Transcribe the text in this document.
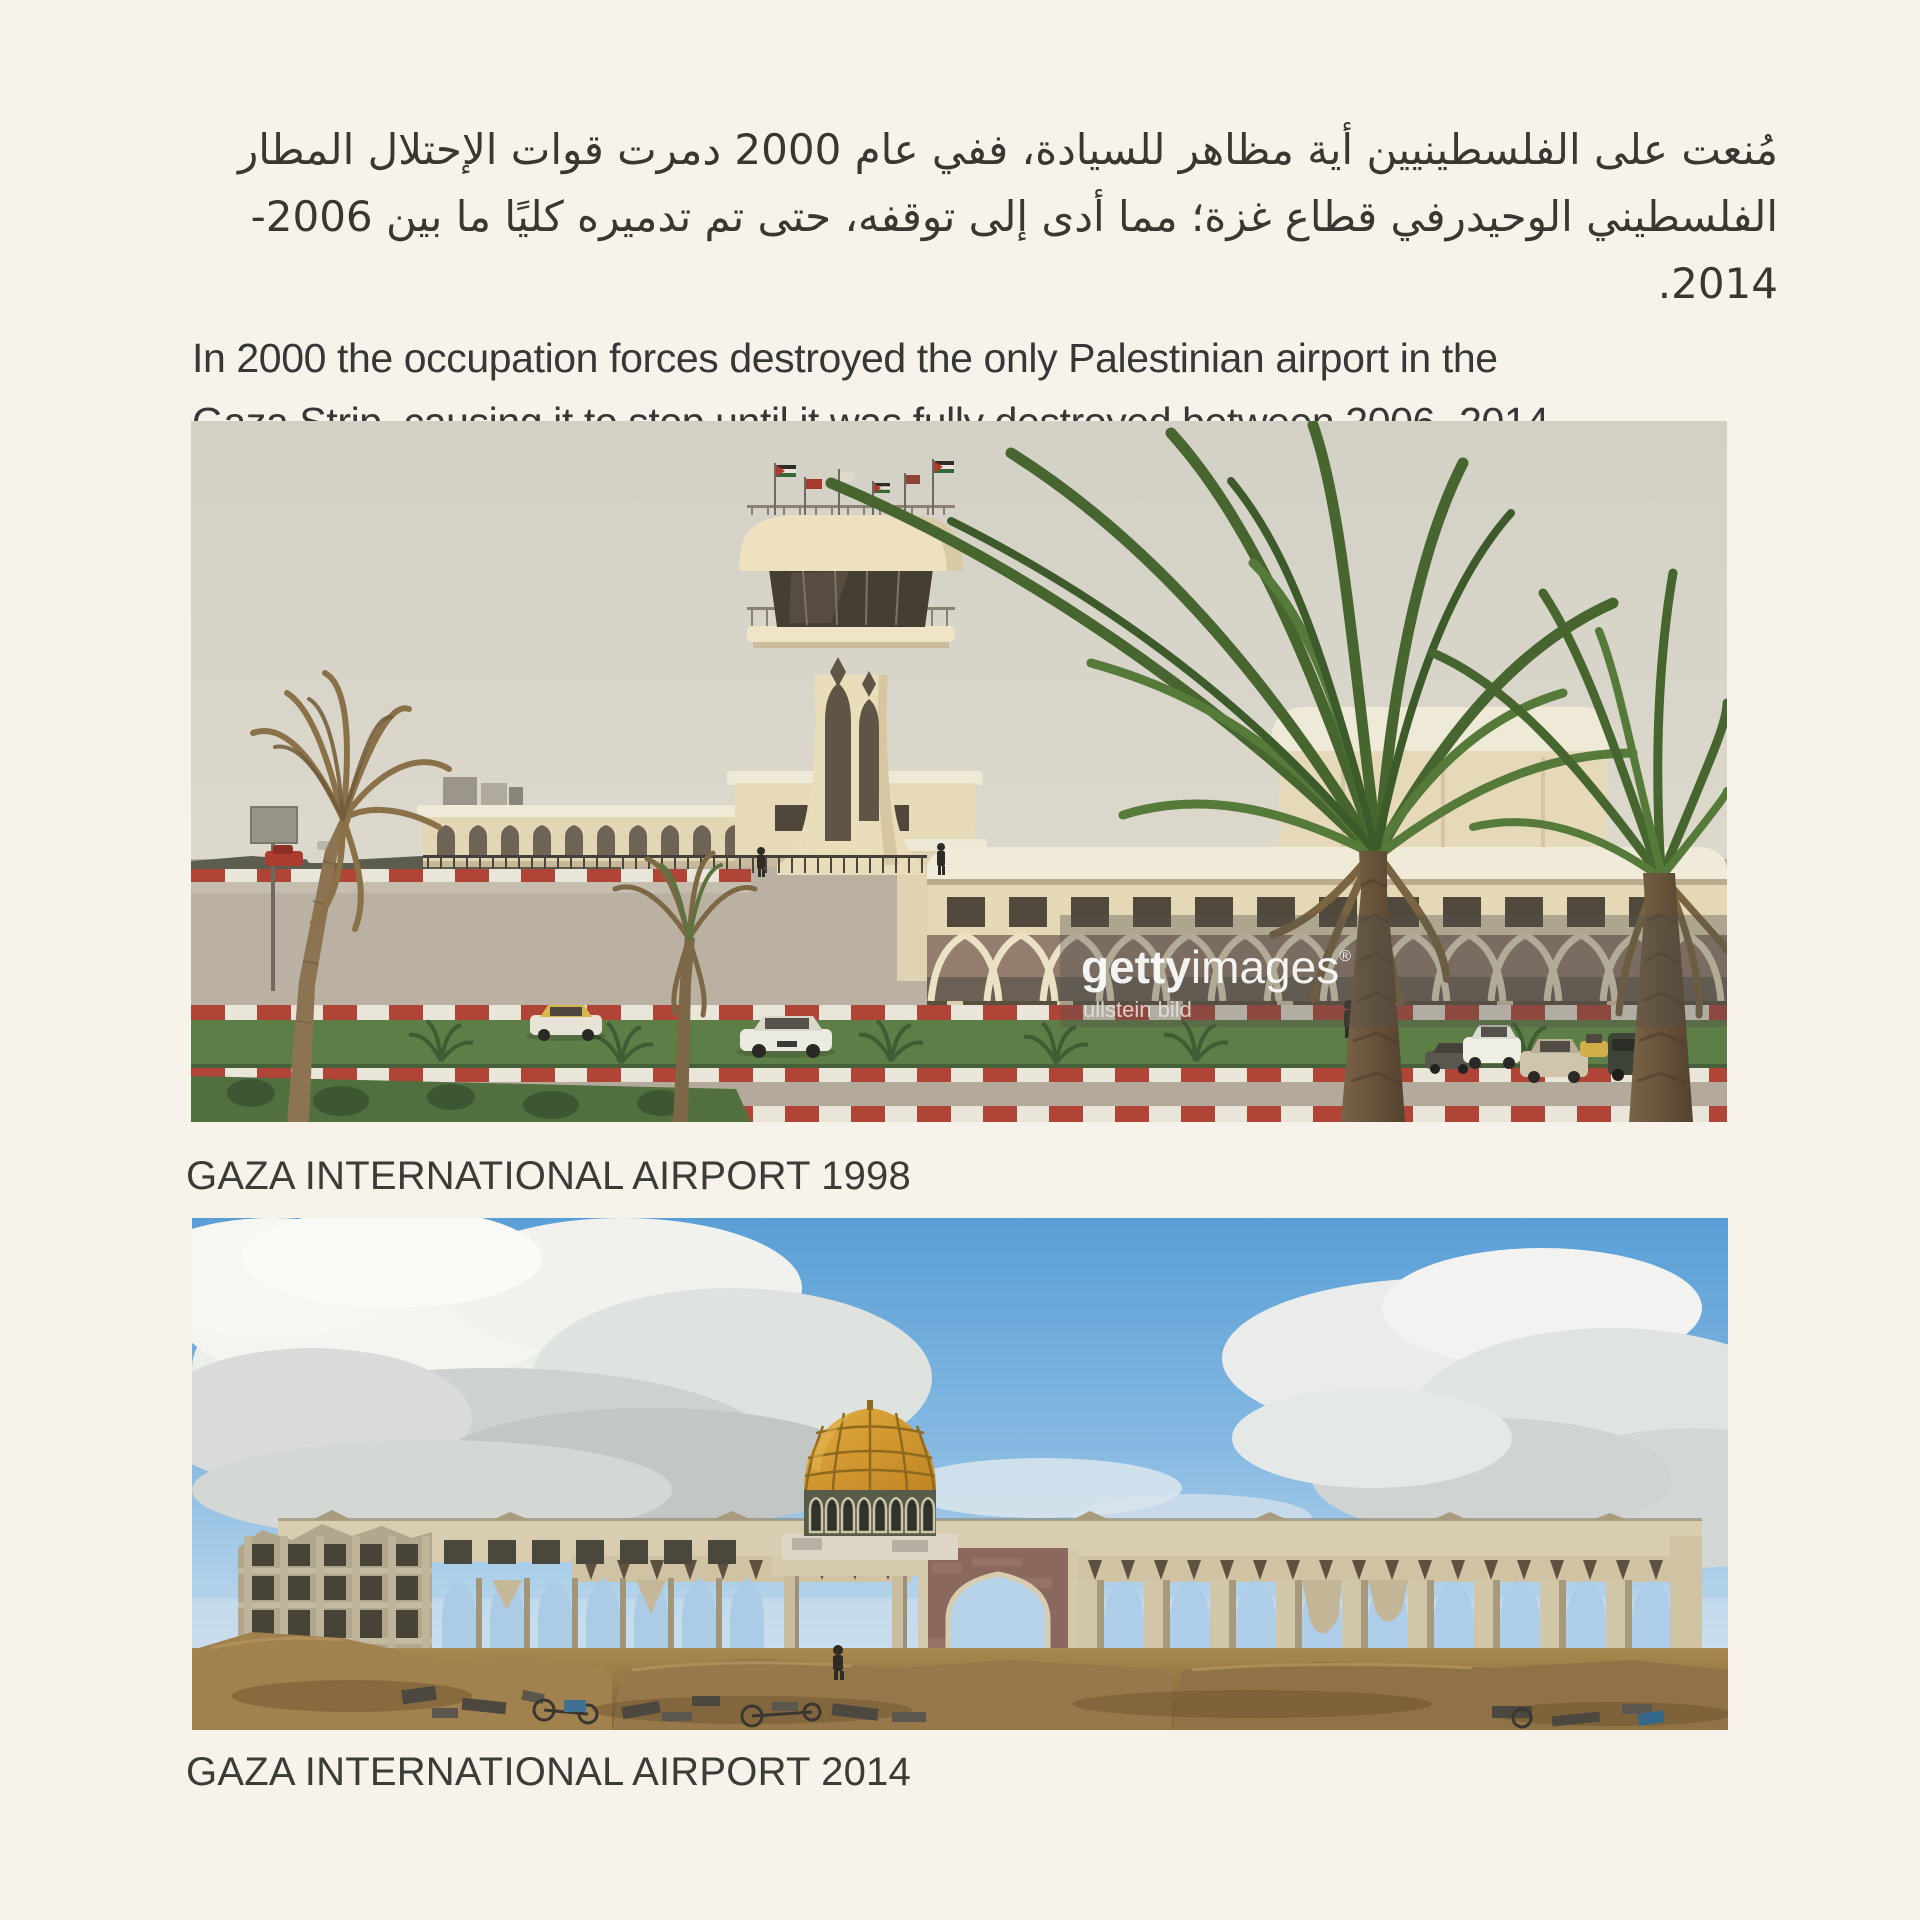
مُنعت على الفلسطينيين أية مظاهر للسيادة، ففي عام 2000 دمرت قوات الإحتلال المطار
الفلسطيني الوحيدرفي قطاع غزة؛ مما أدى إلى توقفه، حتى تم تدميره كليًا ما بين 2006-
2014.
In 2000 the occupation forces destroyed the only Palestinian airport in the
gettyimages®
ullstein bild
GAZA INTERNATIONAL AIRPORT 1998
GAZA INTERNATIONAL AIRPORT 2014
